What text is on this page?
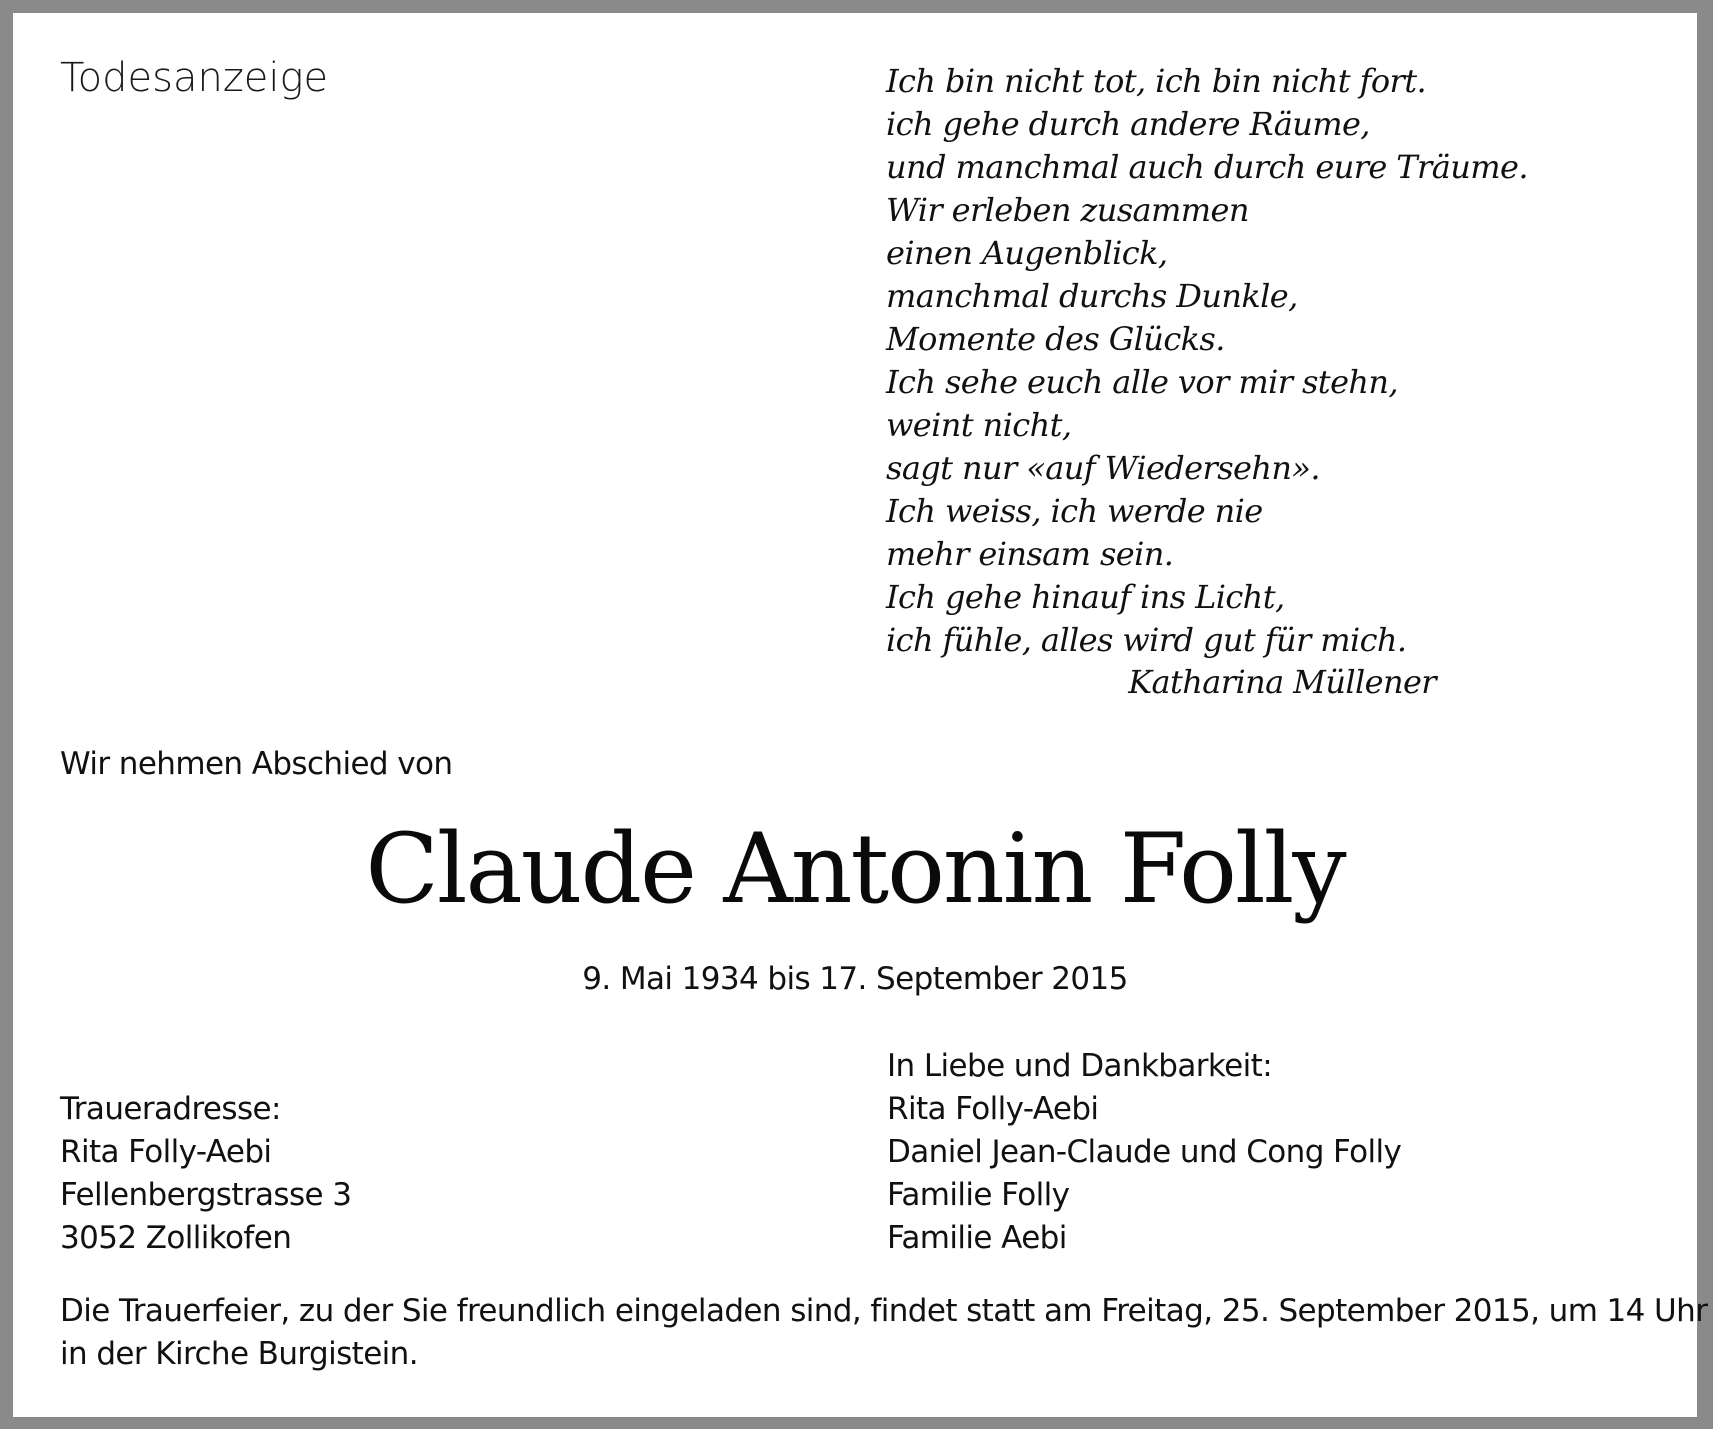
Todesanzeige	Ich bin nicht tot, ich bin nicht fort.
ich gehe durch andere Räume,
und manchmal auch durch eure Träume.
Wir erleben zusammen
einen Augenblick,
manchmal durchs Dunkle,
Momente des Glücks.
Ich sehe euch alle vor mir stehn,
weint nicht,
sagt nur «auf Wiedersehn».
Ich weiss, ich werde nie
mehr einsam sein.
Ich gehe hinauf ins Licht,
ich fühle, alles wird gut für mich.
Katharina Müllener
Wir nehmen Abschied von
Claude Antonin Folly
9. Mai 1934 bis 17. September 2015
Traueradresse:
Rita Folly-Aebi
Fellenbergstrasse 3
3052 Zollikofen
In Liebe und Dankbarkeit:
Rita Folly-Aebi
Daniel Jean-Claude und Cong Folly
Familie Folly
Familie Aebi
Die Trauerfeier, zu der Sie freundlich eingeladen sind, findet statt am Freitag, 25. September 2015, um 14 Uhr
in der Kirche Burgistein.
